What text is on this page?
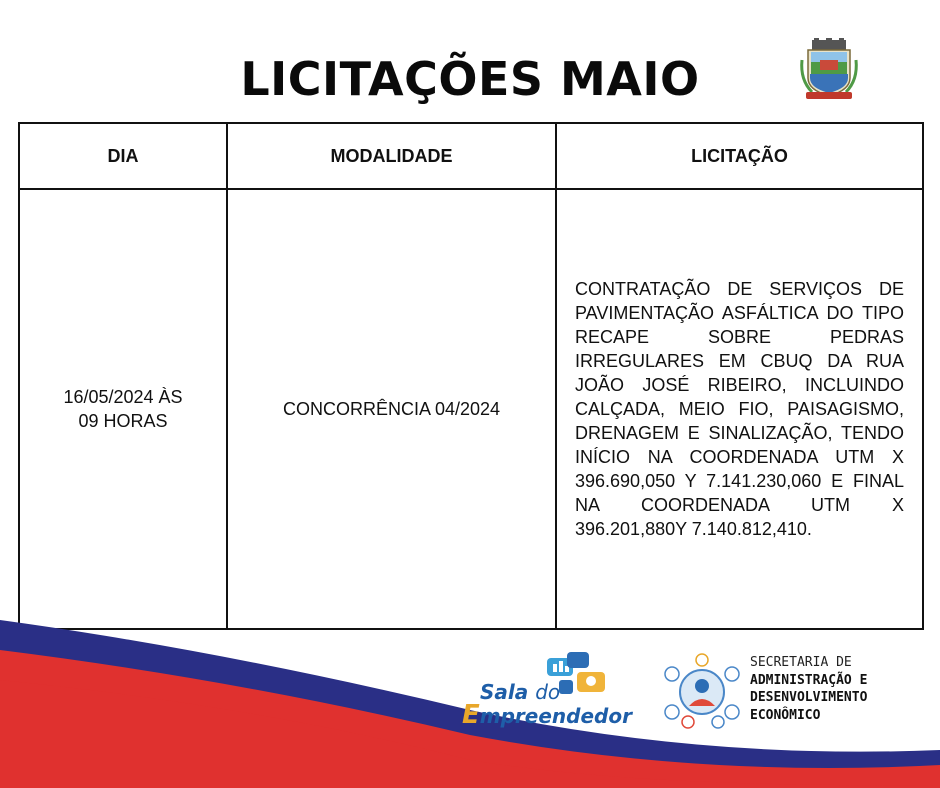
LICITAÇÕES MAIO
DIA	MODALIDADE	LICITAÇÃO

16/05/2024 ÀS
09 HORAS	CONCORRÊNCIA 04/2024	CONTRATAÇÃO DE SERVIÇOS DE PAVIMENTAÇÃO ASFÁLTICA DO TIPO RECAPE SOBRE PEDRAS IRREGULARES EM CBUQ DA RUA JOÃO JOSÉ RIBEIRO, INCLUINDO CALÇADA, MEIO FIO, PAISAGISMO, DRENAGEM E SINALIZAÇÃO, TENDO INÍCIO NA COORDENADA UTM X 396.690,050 Y 7.141.230,060 E FINAL NA COORDENADA UTM X 396.201,880Y 7.140.812,410.
Sala do
Empreendedor
SECRETARIA DE
ADMINISTRAÇÃO E
DESENVOLVIMENTO
ECONÔMICO
